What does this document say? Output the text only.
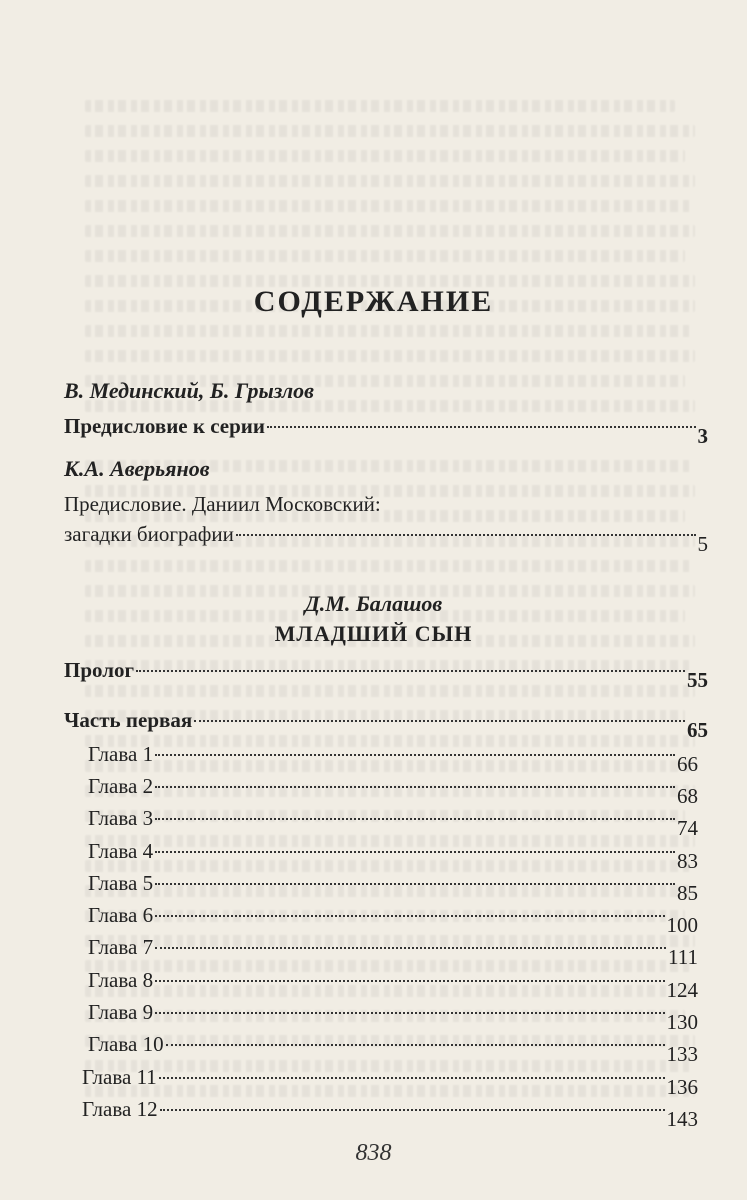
СОДЕРЖАНИЕ
В. Мединский, Б. Грызлов
Предисловие к серии	3
К.А. Аверьянов
Предисловие. Даниил Московский:
загадки биографии	5
Д.М. Балашов
МЛАДШИЙ СЫН
Пролог	55
Часть первая	65
Глава 1	66
Глава 2	68
Глава 3	74
Глава 4	83
Глава 5	85
Глава 6	100
Глава 7	111
Глава 8	124
Глава 9	130
Глава 10	133
Глава 11	136
Глава 12	143
838
